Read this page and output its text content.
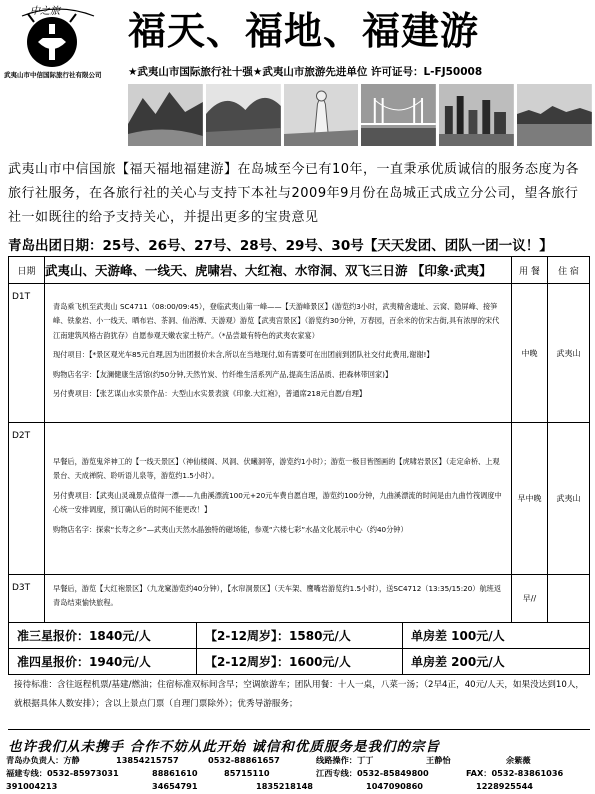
中之旅
武夷山市中信国际旅行社有限公司
福天、福地、福建游
★武夷山市国际旅行社十强★武夷山市旅游先进单位 许可证号：L-FJ50008
武夷山市中信国旅【福天福地福建游】在岛城至今已有10年，一直秉承优质诚信的服务态度为各旅行社服务，在各旅行社的关心与支持下本社与2009年9月份在岛城正式成立分公司，望各旅行社一如既往的给予支持关心，并提出更多的宝贵意见
青岛出团日期：25号、26号、27号、28号、29号、30号【天天发团、团队一团一议！】
日期	武夷山、天游峰、一线天、虎啸岩、大红袍、水帘洞、双飞三日游 【印象·武夷】	用 餐	住 宿
D1T	青岛乘飞机至武夷山 SC4711（08:00/09:45），登临武夷山第一峰——【天游峰景区】(游览约3小时，武夷精舍遗址、云窝、隐屏峰、接笋峰、铁象岩、小一线天、晒布岩、茶洞、仙浴潭、天游观）游览【武夷宫景区】（游览约30分钟，万春园，百余米的仿宋古街,具有浓厚的宋代江南建筑风格古韵犹存）自愿参观天嫩农家土特产。（*品尝最有特色的武夷农家宴）

现付项目：【*景区观光车85元自理,因为出团报价未含,所以在当地现付,如有需要可在出团前到团队社交付此费用,谢谢!】

购物店名字：【友澜健康生活馆(约50分钟,天然竹炭、竹纤维生活系列产品,提高生活品质、把森林带回家)】

另付费项目：【张艺谋山水实景作品：大型山水实景表演《印象.大红袍》，普通席218元自愿/自理】	中晚	武夷山
D2T	早餐后，游览鬼斧神工的【一线天景区】（神仙楼阁、风洞、伏曦洞等，游览约1小时）；游览一极目皆图画的【虎啸岩景区】（走定命桥、上观景台、天成禅院、聆听语儿泉等，游览约1.5小时）。

另付费项目：【武夷山灵魂景点值得一漂——九曲溪漂流100元+20元车费自愿自理，游览约100分钟，九曲溪漂流的时间是由九曲竹筏调度中心统一安排调度，预订确认后的时间不能更改！】

购物店名字：探索“长寿之乡”—武夷山天然水晶独特的磁场能，参观“六楼七彩”水晶文化展示中心（约40分钟）	早中晚	武夷山
D3T	早餐后，游览【大红袍景区】（九龙窠游览约40分钟），【水帘洞景区】（天车架、鹰嘴岩游览约1.5小时），送SC4712（13:35/15:20）航班返青岛结束愉快旅程。	早//	
准三星报价：1840元/人	【2-12周岁】：1580元/人	单房差 100元/人
准四星报价：1940元/人	【2-12周岁】：1600元/人	单房差 200元/人
接待标准：含往返程机票/基建/燃油；住宿标准双标间含早；空调旅游车；团队用餐：十人一桌，八菜一汤；（2早4正，40元/人天，如果没达到10人，就根据具体人数安排）；含以上景点门票（自理门票除外）；优秀导游服务；
也许我们从未携手 合作不妨从此开始 诚信和优质服务是我们的宗旨
青岛办负责人：方静	13854215757	0532-88861657	线路操作：丁丁	王静怡	余紫薇
福建专线：0532-85973031	88861610	85715110	江西专线：0532-85849800	FAX：0532-83861036
391004213	34654791	1835218148	1047090860	1228925544
